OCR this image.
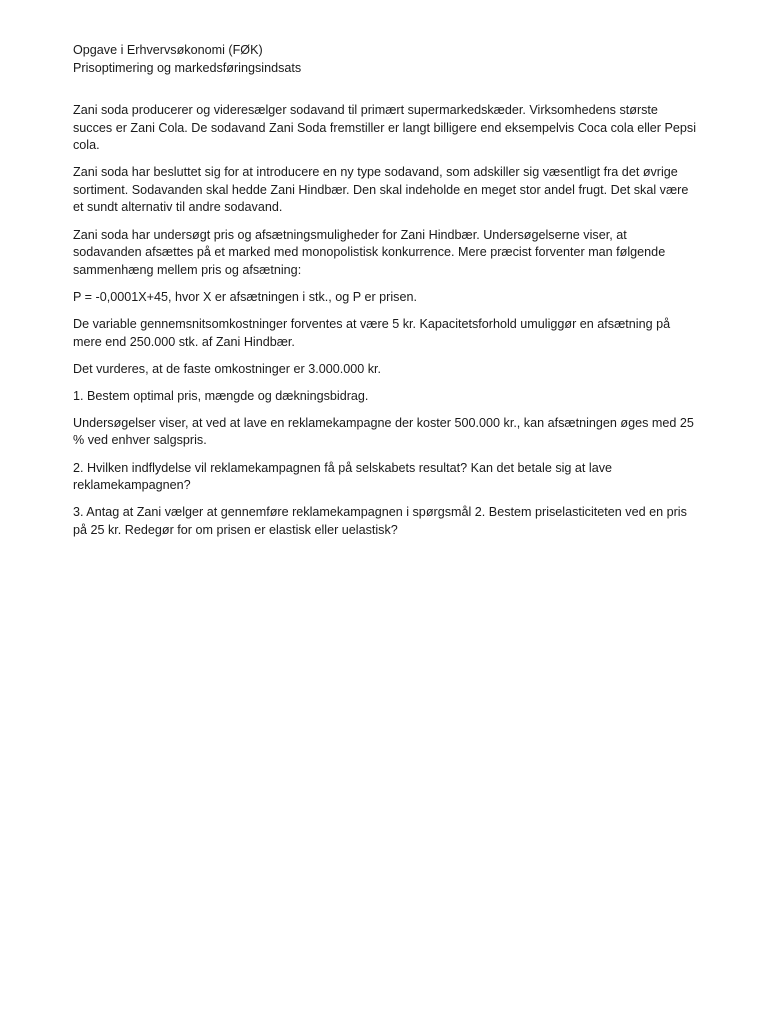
Opgave i Erhvervsøkonomi (FØK)
Prisoptimering og markedsføringsindsats

Zani soda producerer og videresælger sodavand til primært supermarkedskæder. Virksomhedens største succes er Zani Cola. De sodavand Zani Soda fremstiller er langt billigere end eksempelvis Coca cola eller Pepsi cola.

Zani soda har besluttet sig for at introducere en ny type sodavand, som adskiller sig væsentligt fra det øvrige sortiment. Sodavanden skal hedde Zani Hindbær. Den skal indeholde en meget stor andel frugt. Det skal være et sundt alternativ til andre sodavand.

Zani soda har undersøgt pris og afsætningsmuligheder for Zani Hindbær. Undersøgelserne viser, at sodavanden afsættes på et marked med monopolistisk konkurrence. Mere præcist forventer man følgende sammenhæng mellem pris og afsætning:

P = -0,0001X+45, hvor X er afsætningen i stk., og P er prisen.

De variable gennemsnitsomkostninger forventes at være 5 kr. Kapacitetsforhold umuliggør en afsætning på mere end 250.000 stk. af Zani Hindbær.

Det vurderes, at de faste omkostninger er 3.000.000 kr.

1. Bestem optimal pris, mængde og dækningsbidrag.

Undersøgelser viser, at ved at lave en reklamekampagne der koster 500.000 kr., kan afsætningen øges med 25 % ved enhver salgspris.

2. Hvilken indflydelse vil reklamekampagnen få på selskabets resultat? Kan det betale sig at lave reklamekampagnen?

3. Antag at Zani vælger at gennemføre reklamekampagnen i spørgsmål 2. Bestem priselasticiteten ved en pris på 25 kr. Redegør for om prisen er elastisk eller uelastisk?
